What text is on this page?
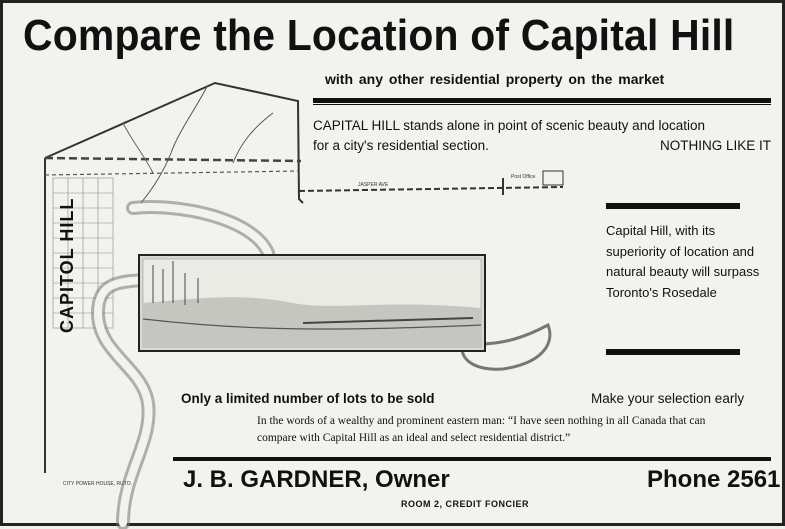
JASPER AVE
Post Office
CAPITOL HILL
CITY POWER HOUSE, RUTO.
Compare the Location of Capital Hill
with any other residential property on the market
CAPITAL HILL stands alone in point of scenic beauty and location for a city's residential section.	NOTHING LIKE IT
Capital Hill, with its superiority of location and natural beauty will surpass Toronto's Rosedale
Only a limited number of lots to be sold	Make your selection early
In the words of a wealthy and prominent eastern man: “I have seen nothing in all Canada that can compare with Capital Hill as an ideal and select residential district.”
J. B. GARDNER, Owner	Phone 2561
ROOM 2, CREDIT FONCIER
